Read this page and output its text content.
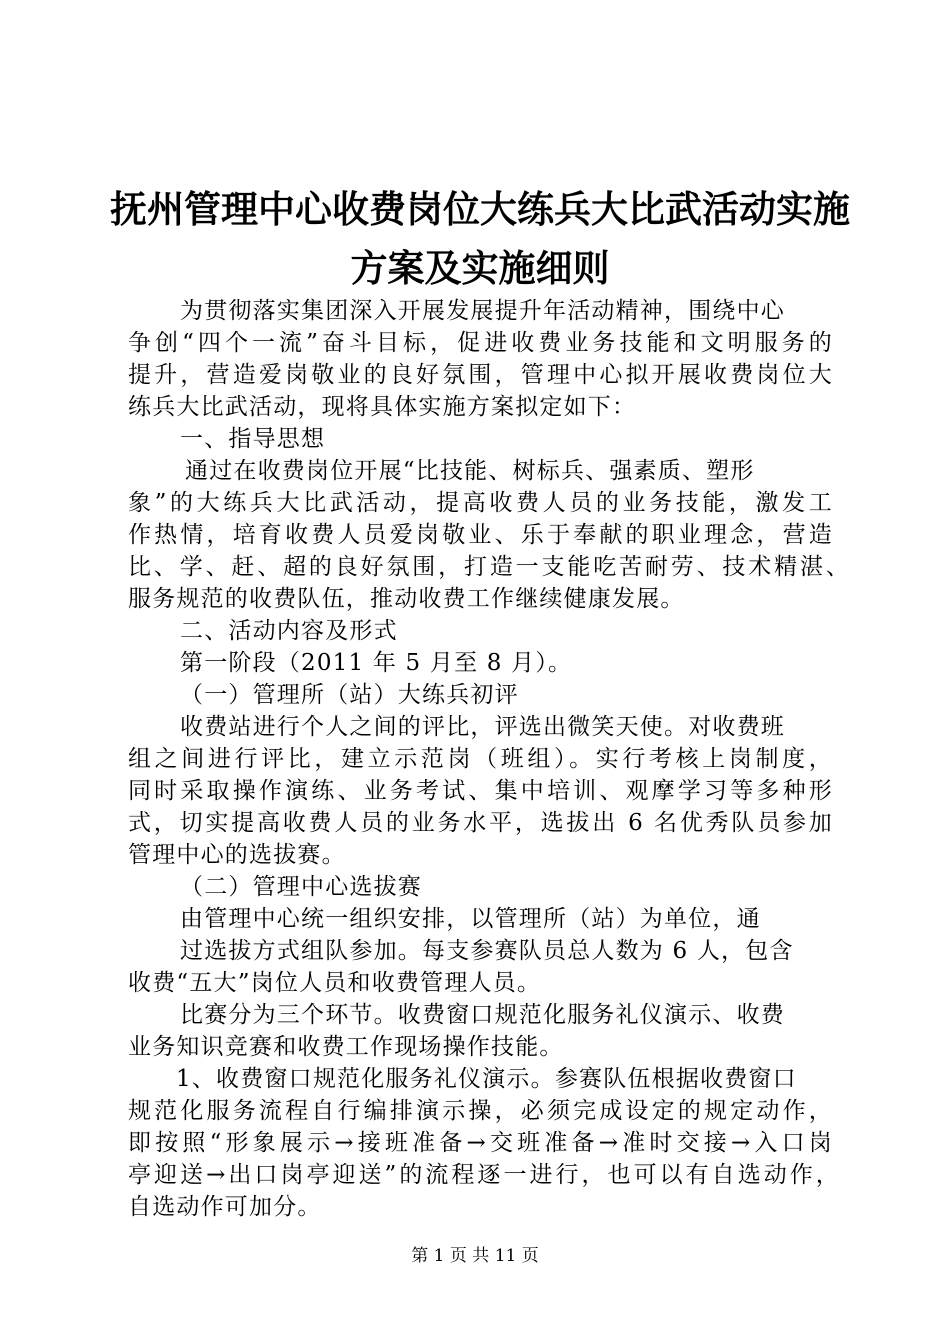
抚州管理中心收费岗位大练兵大比武活动实施
方案及实施细则
为贯彻落实集团深入开展发展提升年活动精神，围绕中心
争创“四个一流”奋斗目标，促进收费业务技能和文明服务的
提升，营造爱岗敬业的良好氛围，管理中心拟开展收费岗位大
练兵大比武活动，现将具体实施方案拟定如下：
一、指导思想
通过在收费岗位开展“比技能、树标兵、强素质、塑形
象”的大练兵大比武活动，提高收费人员的业务技能，激发工
作热情，培育收费人员爱岗敬业、乐于奉献的职业理念，营造
比、学、赶、超的良好氛围，打造一支能吃苦耐劳、技术精湛、
服务规范的收费队伍，推动收费工作继续健康发展。
二、活动内容及形式
第一阶段（2011 年 5 月至 8 月）。
（一）管理所（站）大练兵初评
收费站进行个人之间的评比，评选出微笑天使。对收费班
组之间进行评比，建立示范岗（班组）。实行考核上岗制度，
同时采取操作演练、业务考试、集中培训、观摩学习等多种形
式，切实提高收费人员的业务水平，选拔出 6 名优秀队员参加
管理中心的选拔赛。
（二）管理中心选拔赛
由管理中心统一组织安排，以管理所（站）为单位，通
过选拔方式组队参加。每支参赛队员总人数为 6 人，包含
收费“五大”岗位人员和收费管理人员。
比赛分为三个环节。收费窗口规范化服务礼仪演示、收费
业务知识竞赛和收费工作现场操作技能。
1、收费窗口规范化服务礼仪演示。参赛队伍根据收费窗口
规范化服务流程自行编排演示操，必须完成设定的规定动作，
即按照“形象展示→接班准备→交班准备→准时交接→入口岗
亭迎送→出口岗亭迎送”的流程逐一进行，也可以有自选动作，
自选动作可加分。
第 1 页 共 11 页
